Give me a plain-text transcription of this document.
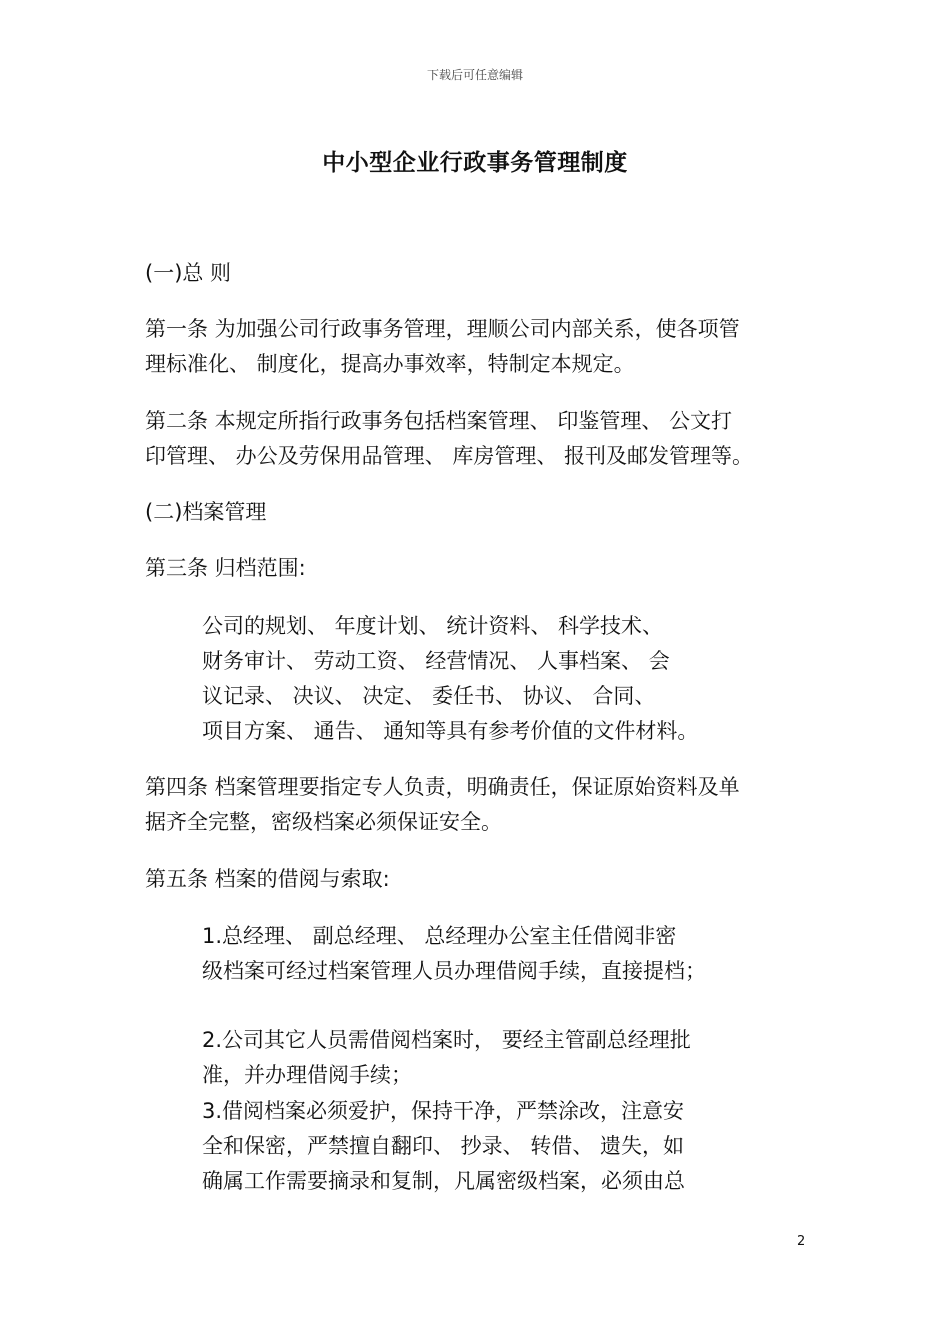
下载后可任意编辑
中小型企业行政事务管理制度
(一)总 则
第一条 为加强公司行政事务管理，理顺公司内部关系，使各项管
理标准化、 制度化，提高办事效率，特制定本规定。
第二条 本规定所指行政事务包括档案管理、 印鉴管理、 公文打
印管理、 办公及劳保用品管理、 库房管理、 报刊及邮发管理等。
(二)档案管理
第三条 归档范围:
公司的规划、 年度计划、 统计资料、 科学技术、
财务审计、 劳动工资、 经营情况、 人事档案、 会
议记录、 决议、 决定、 委任书、 协议、 合同、
项目方案、 通告、 通知等具有参考价值的文件材料。
第四条 档案管理要指定专人负责，明确责任，保证原始资料及单
据齐全完整，密级档案必须保证安全。
第五条 档案的借阅与索取:
1.总经理、 副总经理、 总经理办公室主任借阅非密
级档案可经过档案管理人员办理借阅手续，直接提档；
2.公司其它人员需借阅档案时， 要经主管副总经理批
准，并办理借阅手续；
3.借阅档案必须爱护，保持干净，严禁涂改，注意安
全和保密，严禁擅自翻印、 抄录、 转借、 遗失，如
确属工作需要摘录和复制，凡属密级档案，必须由总
2
